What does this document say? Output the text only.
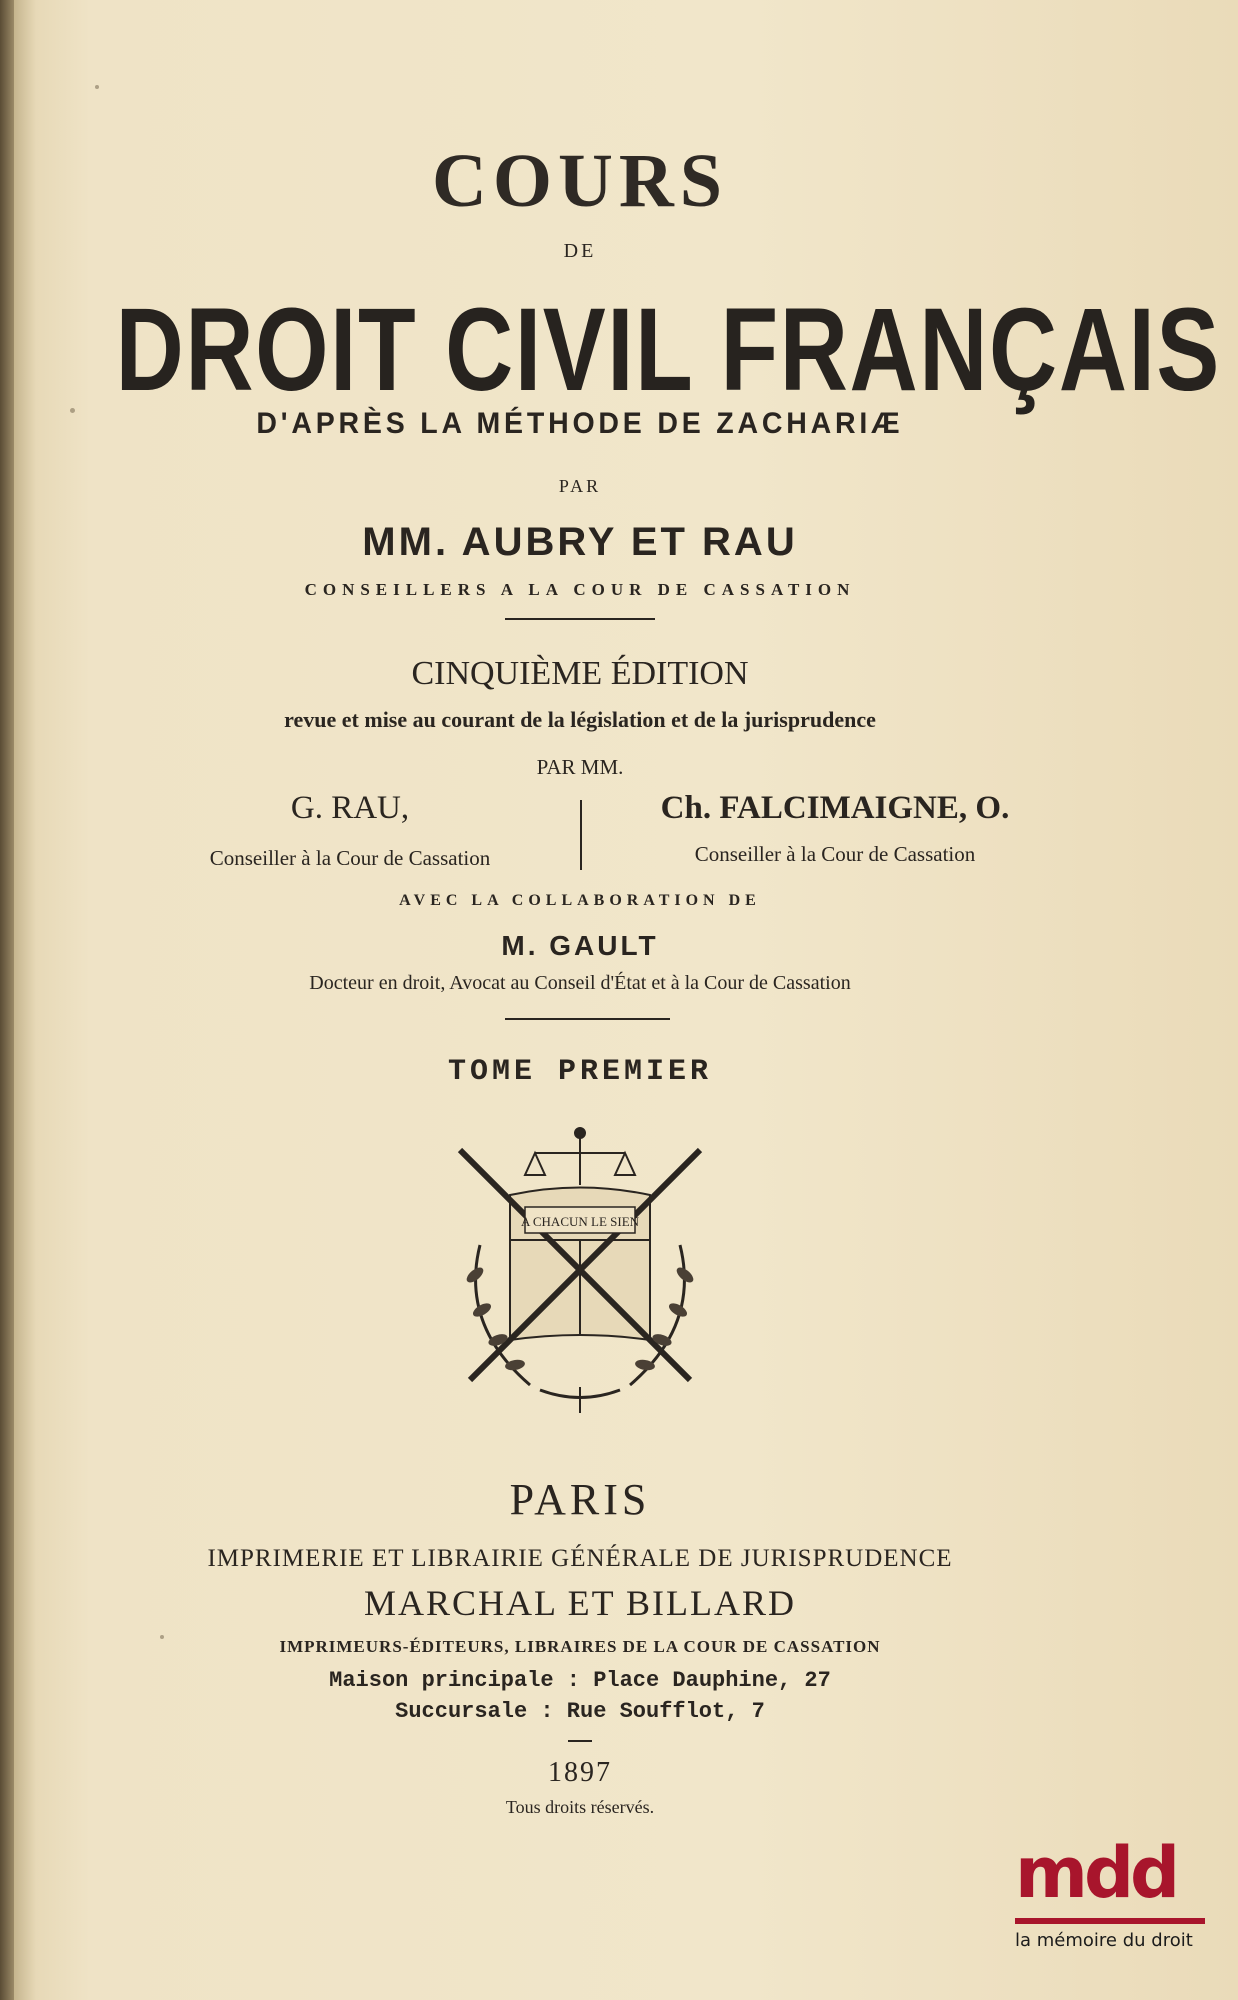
COURS
DE
DROIT CIVIL FRANÇAIS
D'APRÈS LA MÉTHODE DE ZACHARIÆ
PAR
MM. AUBRY ET RAU
CONSEILLERS A LA COUR DE CASSATION
CINQUIÈME ÉDITION
revue et mise au courant de la législation et de la jurisprudence
PAR MM.
G. RAU,	Ch. FALCIMAIGNE, O.
Conseiller à la Cour de Cassation	Conseiller à la Cour de Cassation
AVEC LA COLLABORATION DE
M. GAULT
Docteur en droit, Avocat au Conseil d'État et à la Cour de Cassation
TOME PREMIER
A CHACUN LE SIEN
PARIS
IMPRIMERIE ET LIBRAIRIE GÉNÉRALE DE JURISPRUDENCE
MARCHAL ET BILLARD
IMPRIMEURS-ÉDITEURS, LIBRAIRES DE LA COUR DE CASSATION
Maison principale : Place Dauphine, 27
Succursale : Rue Soufflot, 7
1897
Tous droits réservés.
mdd
la mémoire du droit
